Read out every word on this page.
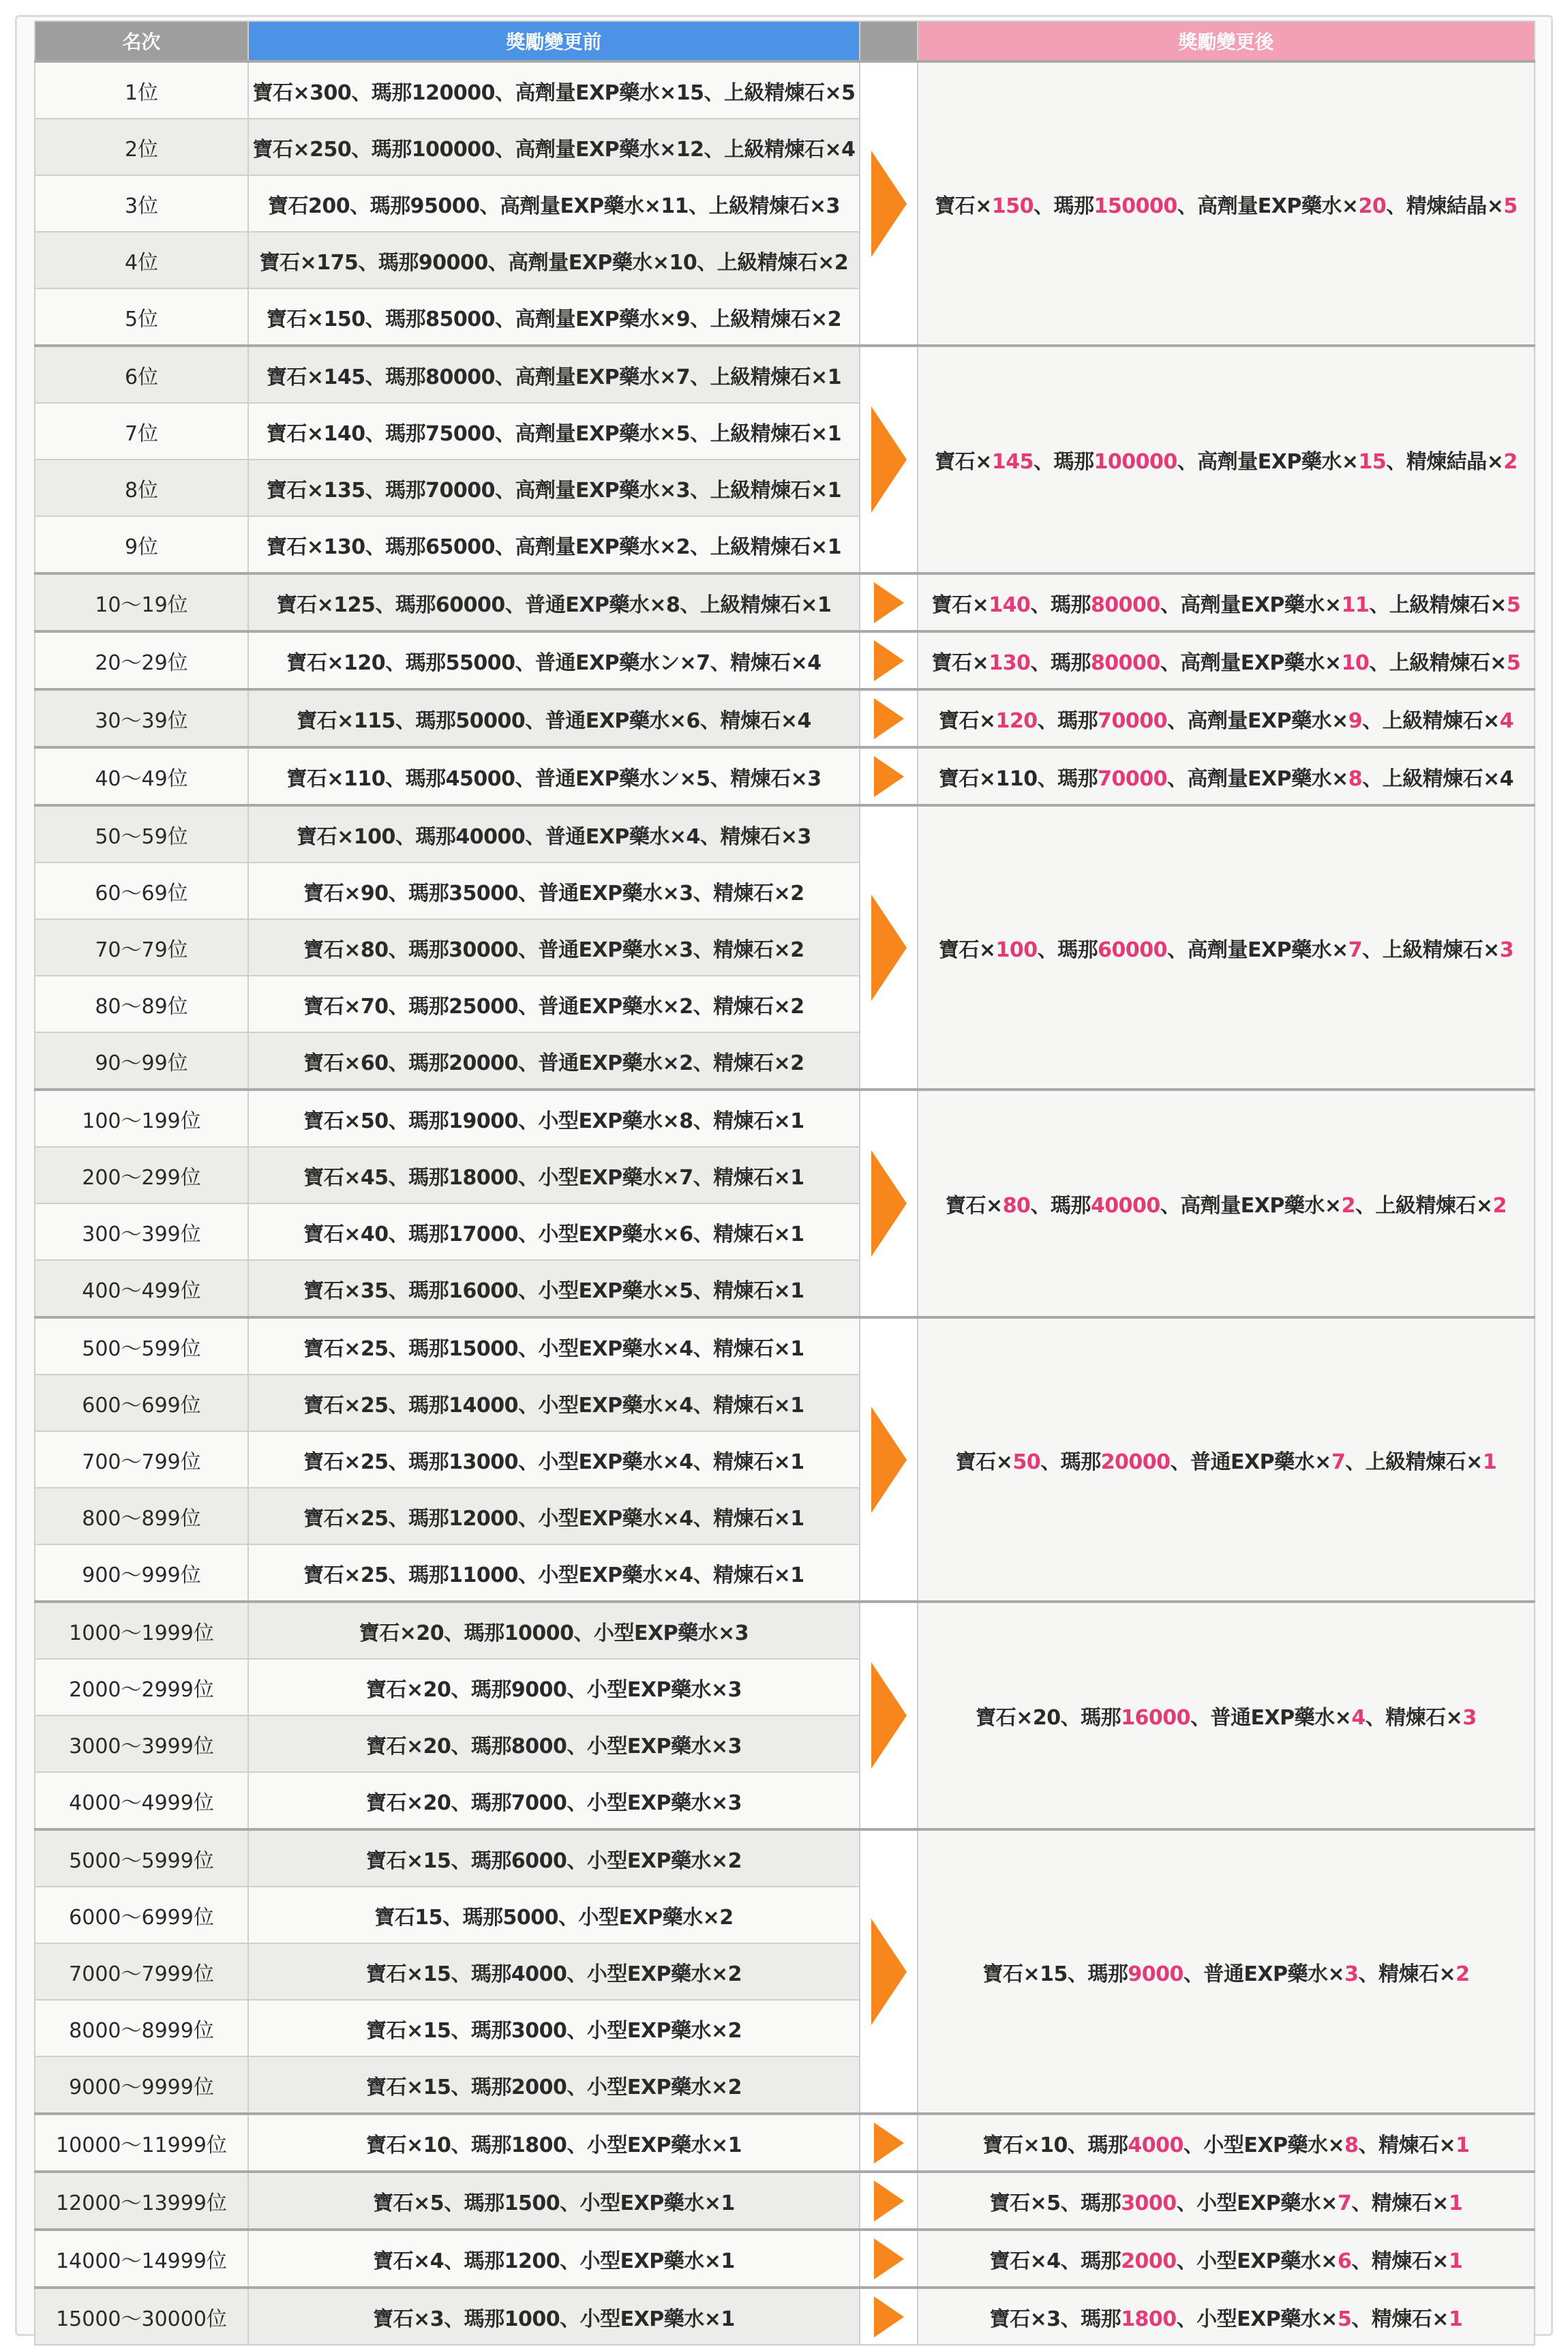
名次	獎勵變更前		獎勵變更後
1位	寶石×300、瑪那120000、高劑量EXP藥水×15、上級精煉石×5		寶石×150、瑪那150000、高劑量EXP藥水×20、精煉結晶×5
2位	寶石×250、瑪那100000、高劑量EXP藥水×12、上級精煉石×4		
3位	寶石200、瑪那95000、高劑量EXP藥水×11、上級精煉石×3		
4位	寶石×175、瑪那90000、高劑量EXP藥水×10、上級精煉石×2		
5位	寶石×150、瑪那85000、高劑量EXP藥水×9、上級精煉石×2		
6位	寶石×145、瑪那80000、高劑量EXP藥水×7、上級精煉石×1		寶石×145、瑪那100000、高劑量EXP藥水×15、精煉結晶×2
7位	寶石×140、瑪那75000、高劑量EXP藥水×5、上級精煉石×1		
8位	寶石×135、瑪那70000、高劑量EXP藥水×3、上級精煉石×1		
9位	寶石×130、瑪那65000、高劑量EXP藥水×2、上級精煉石×1		
10～19位	寶石×125、瑪那60000、普通EXP藥水×8、上級精煉石×1		寶石×140、瑪那80000、高劑量EXP藥水×11、上級精煉石×5
20～29位	寶石×120、瑪那55000、普通EXP藥水ン×7、精煉石×4		寶石×130、瑪那80000、高劑量EXP藥水×10、上級精煉石×5
30～39位	寶石×115、瑪那50000、普通EXP藥水×6、精煉石×4		寶石×120、瑪那70000、高劑量EXP藥水×9、上級精煉石×4
40～49位	寶石×110、瑪那45000、普通EXP藥水ン×5、精煉石×3		寶石×110、瑪那70000、高劑量EXP藥水×8、上級精煉石×4
50～59位	寶石×100、瑪那40000、普通EXP藥水×4、精煉石×3		寶石×100、瑪那60000、高劑量EXP藥水×7、上級精煉石×3
60～69位	寶石×90、瑪那35000、普通EXP藥水×3、精煉石×2		
70～79位	寶石×80、瑪那30000、普通EXP藥水×3、精煉石×2		
80～89位	寶石×70、瑪那25000、普通EXP藥水×2、精煉石×2		
90～99位	寶石×60、瑪那20000、普通EXP藥水×2、精煉石×2		
100～199位	寶石×50、瑪那19000、小型EXP藥水×8、精煉石×1		寶石×80、瑪那40000、高劑量EXP藥水×2、上級精煉石×2
200～299位	寶石×45、瑪那18000、小型EXP藥水×7、精煉石×1		
300～399位	寶石×40、瑪那17000、小型EXP藥水×6、精煉石×1		
400～499位	寶石×35、瑪那16000、小型EXP藥水×5、精煉石×1		
500～599位	寶石×25、瑪那15000、小型EXP藥水×4、精煉石×1		寶石×50、瑪那20000、普通EXP藥水×7、上級精煉石×1
600～699位	寶石×25、瑪那14000、小型EXP藥水×4、精煉石×1		
700～799位	寶石×25、瑪那13000、小型EXP藥水×4、精煉石×1		
800～899位	寶石×25、瑪那12000、小型EXP藥水×4、精煉石×1		
900～999位	寶石×25、瑪那11000、小型EXP藥水×4、精煉石×1		
1000～1999位	寶石×20、瑪那10000、小型EXP藥水×3		寶石×20、瑪那16000、普通EXP藥水×4、精煉石×3
2000～2999位	寶石×20、瑪那9000、小型EXP藥水×3		
3000～3999位	寶石×20、瑪那8000、小型EXP藥水×3		
4000～4999位	寶石×20、瑪那7000、小型EXP藥水×3		
5000～5999位	寶石×15、瑪那6000、小型EXP藥水×2		寶石×15、瑪那9000、普通EXP藥水×3、精煉石×2
6000～6999位	寶石15、瑪那5000、小型EXP藥水×2		
7000～7999位	寶石×15、瑪那4000、小型EXP藥水×2		
8000～8999位	寶石×15、瑪那3000、小型EXP藥水×2		
9000～9999位	寶石×15、瑪那2000、小型EXP藥水×2		
10000～11999位	寶石×10、瑪那1800、小型EXP藥水×1		寶石×10、瑪那4000、小型EXP藥水×8、精煉石×1
12000～13999位	寶石×5、瑪那1500、小型EXP藥水×1		寶石×5、瑪那3000、小型EXP藥水×7、精煉石×1
14000～14999位	寶石×4、瑪那1200、小型EXP藥水×1		寶石×4、瑪那2000、小型EXP藥水×6、精煉石×1
15000～30000位	寶石×3、瑪那1000、小型EXP藥水×1		寶石×3、瑪那1800、小型EXP藥水×5、精煉石×1
